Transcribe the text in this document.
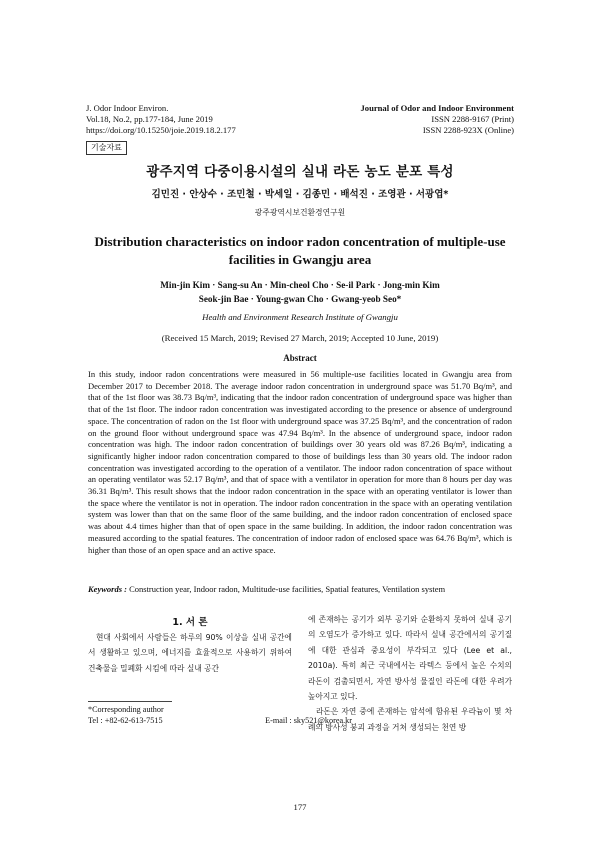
J. Odor Indoor Environ.
Vol.18, No.2, pp.177-184, June 2019
https://doi.org/10.15250/joie.2019.18.2.177
Journal of Odor and Indoor Environment
ISSN 2288-9167 (Print)
ISSN 2288-923X (Online)
기술자료
광주지역 다중이용시설의 실내 라돈 농도 분포 특성
김민진 · 안상수 · 조민철 · 박세일 · 김종민 · 배석진 · 조영관 · 서광엽*
광주광역시보건환경연구원
Distribution characteristics on indoor radon concentration of multiple-use facilities in Gwangju area
Min-jin Kim · Sang-su An · Min-cheol Cho · Se-il Park · Jong-min Kim
Seok-jin Bae · Young-gwan Cho · Gwang-yeob Seo*
Health and Environment Research Institute of Gwangju
(Received 15 March, 2019; Revised 27 March, 2019; Accepted 10 June, 2019)
Abstract

In this study, indoor radon concentrations were measured in 56 multiple-use facilities located in Gwangju area from December 2017 to December 2018. The average indoor radon concentration in underground space was 51.70 Bq/m³, and that of the 1st floor was 38.73 Bq/m³, indicating that the indoor radon concentration of underground space was higher than that of the 1st floor. The indoor radon concentration was investigated according to the presence or absence of underground space. The concentration of radon on the 1st floor with underground space was 37.25 Bq/m³, and the concentration of radon on the ground floor without underground space was 47.94 Bq/m³. In the absence of underground space, indoor radon concentration was high. The indoor radon concentration of buildings over 30 years old was 87.26 Bq/m³, indicating a significantly higher indoor radon concentration compared to those of buildings less than 30 years old. The indoor radon concentration was investigated according to the operation of a ventilator. The indoor radon concentration of space without an operating ventilator was 52.17 Bq/m³, and that of space with a ventilator in operation for more than 8 hours per day was 36.31 Bq/m³. This result shows that the indoor radon concentration in the space with an operating ventilator is lower than the space where the ventilator is not in operation. The indoor radon concentration in the space with an operating ventilation system was lower than that on the same floor of the same building, and the indoor radon concentration of enclosed space was about 4.4 times higher than that of open space in the same building. In addition, the indoor radon concentration was measured according to the spatial features. The concentration of indoor radon of enclosed space was 64.76 Bq/m³, which is higher than those of an open space and an active space.

Keywords : Construction year, Indoor radon, Multitude-use facilities, Spatial features, Ventilation system
1. 서 론

현대 사회에서 사람들은 하루의 90% 이상을 실내 공간에서 생활하고 있으며, 에너지를 효율적으로 사용하기 위하여 건축물을 밀폐화 시킴에 따라 실내 공간

에 존재하는 공기가 외부 공기와 순환하지 못하여 실내 공기의 오염도가 증가하고 있다. 따라서 실내 공간에서의 공기질에 대한 관심과 중요성이 부각되고 있다 (Lee et al., 2010a). 특히 최근 국내에서는 라텍스 등에서 높은 수치의 라돈이 검출되면서, 자연 방사성 물질인 라돈에 대한 우려가 높아지고 있다.

라돈은 자연 중에 존재하는 암석에 함유된 우라늄이 몇 차례의 방사성 붕괴 과정을 거쳐 생성되는 천연 방

*Corresponding author
Tel : +82-62-613-7515	E-mail : sky521@korea.kr
177
